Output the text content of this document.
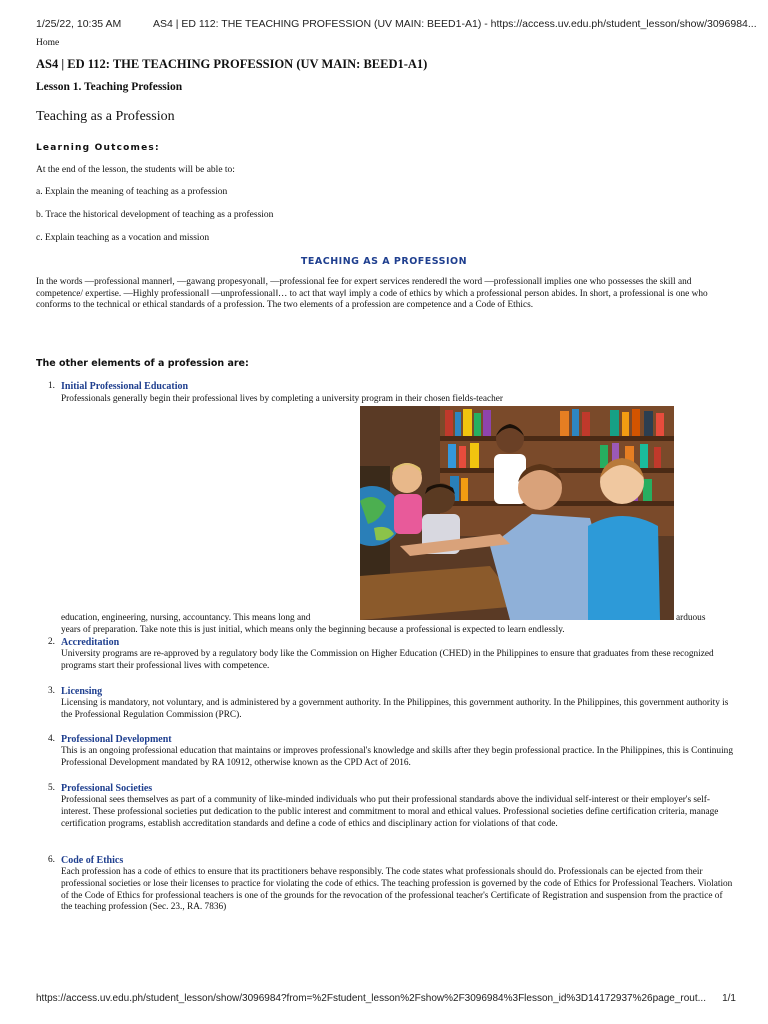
1/25/22, 10:35 AM	AS4 | ED 112: THE TEACHING PROFESSION (UV MAIN: BEED1-A1) - https://access.uv.edu.ph/student_lesson/show/3096984...
Home
AS4 | ED 112: THE TEACHING PROFESSION (UV MAIN: BEED1-A1)
Lesson 1. Teaching Profession
Teaching as a Profession
Learning Outcomes:
At the end of the lesson, the students will be able to:
a. Explain the meaning of teaching as a profession
b. Trace the historical development of teaching as a profession
c. Explain teaching as a vocation and mission
TEACHING AS A PROFESSION
In the words —professional manner‖, —gawang propesyonal‖, —professional fee for expert services rendered‖ the word —professional‖ implies one who possesses the skill and competence/ expertise. —Highly professional‖ —unprofessional‖… to act that way‖ imply a code of ethics by which a professional person abides. In short, a professional is one who conforms to the technical or ethical standards of a profession. The two elements of a profession are competence and a Code of Ethics.
The other elements of a profession are:
1. Initial Professional Education
Professionals generally begin their professional lives by completing a university program in their chosen fields-teacher
education, engineering, nursing, accountancy. This means long and	arduous
years of preparation. Take note this is just initial, which means only the beginning because a professional is expected to learn endlessly.
2. Accreditation
University programs are re-approved by a regulatory body like the Commission on Higher Education (CHED) in the Philippines to ensure that graduates from these recognized programs start their professional lives with competence.
3. Licensing
Licensing is mandatory, not voluntary, and is administered by a government authority. In the Philippines, this government authority. In the Philippines, this government authority is the Professional Regulation Commission (PRC).
4. Professional Development
This is an ongoing professional education that maintains or improves professional's knowledge and skills after they begin professional practice. In the Philippines, this is Continuing Professional Development mandated by RA 10912, otherwise known as the CPD Act of 2016.
5. Professional Societies
Professional sees themselves as part of a community of like-minded individuals who put their professional standards above the individual self-interest or their employer's self-interest. These professional societies put dedication to the public interest and commitment to moral and ethical values. Professional societies define certification criteria, manage certification programs, establish accreditation standards and define a code of ethics and disciplinary action for violations of that code.
6. Code of Ethics
Each profession has a code of ethics to ensure that its practitioners behave responsibly. The code states what professionals should do. Professionals can be ejected from their professional societies or lose their licenses to practice for violating the code of ethics. The teaching profession is governed by the code of Ethics for Professional Teachers. Violation of the Code of Ethics for professional teachers is one of the grounds for the revocation of the professional teacher's Certificate of Registration and suspension from the practice of the teaching profession (Sec. 23., RA. 7836)
https://access.uv.edu.ph/student_lesson/show/3096984?from=%2Fstudent_lesson%2Fshow%2F3096984%3Flesson_id%3D14172937%26page_rout... 1/1
